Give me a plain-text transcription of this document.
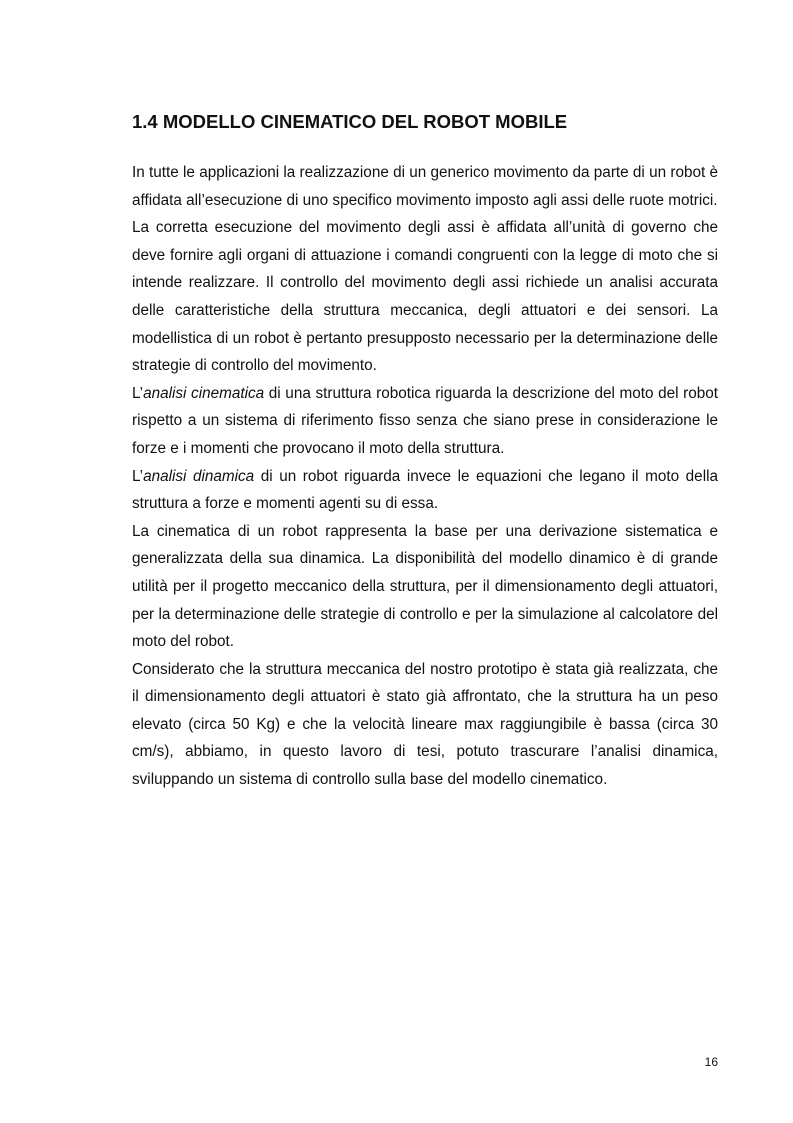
1.4 MODELLO CINEMATICO DEL ROBOT MOBILE

In tutte le applicazioni la realizzazione di un generico movimento da parte di un robot è affidata all’esecuzione di uno specifico movimento imposto agli assi delle ruote motrici.

La corretta esecuzione del movimento degli assi è affidata all’unità di governo che deve fornire agli organi di attuazione i comandi congruenti con la legge di moto che si intende realizzare. Il controllo del movimento degli assi richiede un analisi accurata delle caratteristiche della struttura meccanica, degli attuatori e dei sensori. La modellistica di un robot è pertanto presupposto necessario per la determinazione delle strategie di controllo del movimento.

L’analisi cinematica di una struttura robotica riguarda la descrizione del moto del robot rispetto a un sistema di riferimento fisso senza che siano prese in considerazione le forze e i momenti che provocano il moto della struttura.

L’analisi dinamica di un robot riguarda invece le equazioni che legano il moto della struttura a forze e momenti agenti su di essa.

La cinematica di un robot rappresenta la base per una derivazione sistematica e generalizzata della sua dinamica. La disponibilità del modello dinamico è di grande utilità per il progetto meccanico della struttura, per il dimensionamento degli attuatori, per la determinazione delle strategie di controllo e per la simulazione al calcolatore del moto del robot.

Considerato che la struttura meccanica del nostro prototipo è stata già realizzata, che il dimensionamento degli attuatori è stato già affrontato, che la struttura ha un peso elevato (circa 50 Kg) e che la velocità lineare max raggiungibile è bassa (circa 30 cm/s), abbiamo, in questo lavoro di tesi, potuto trascurare l’analisi dinamica, sviluppando un sistema di controllo sulla base del modello cinematico.

16
